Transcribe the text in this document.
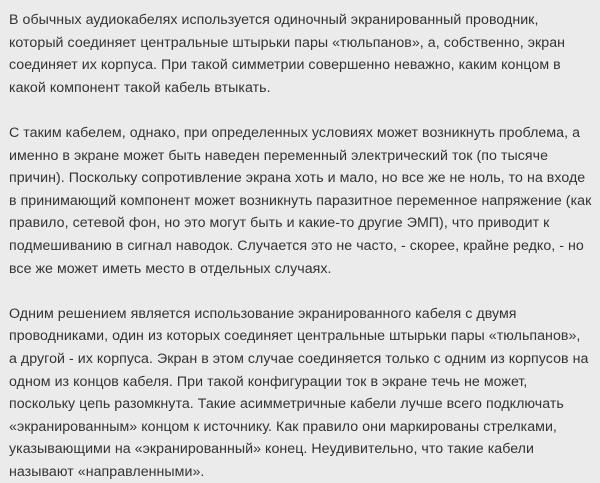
В обычных аудиокабелях используется одиночный экранированный проводник, который соединяет центральные штырьки пары «тюльпанов», а, собственно, экран соединяет их корпуса. При такой симметрии совершенно неважно, каким концом в какой компонент такой кабель втыкать.

С таким кабелем, однако, при определенных условиях может возникнуть проблема, а именно в экране может быть наведен переменный электрический ток (по тысяче причин). Поскольку сопротивление экрана хоть и мало, но все же не ноль, то на входе в принимающий компонент может возникнуть паразитное переменное напряжение (как правило, сетевой фон, но это могут быть и какие-то другие ЭМП), что приводит к подмешиванию в сигнал наводок. Случается это не часто, - скорее, крайне редко, - но все же может иметь место в отдельных случаях.

Одним решением является использование экранированного кабеля с двумя проводниками, один из которых соединяет центральные штырьки пары «тюльпанов», а другой - их корпуса. Экран в этом случае соединяется только с одним из корпусов на одном из концов кабеля. При такой конфигурации ток в экране течь не может, поскольку цепь разомкнута. Такие асимметричные кабели лучше всего подключать «экранированным» концом к источнику. Как правило они маркированы стрелками, указывающими на «экранированный» конец. Неудивительно, что такие кабели называют «направленными».
